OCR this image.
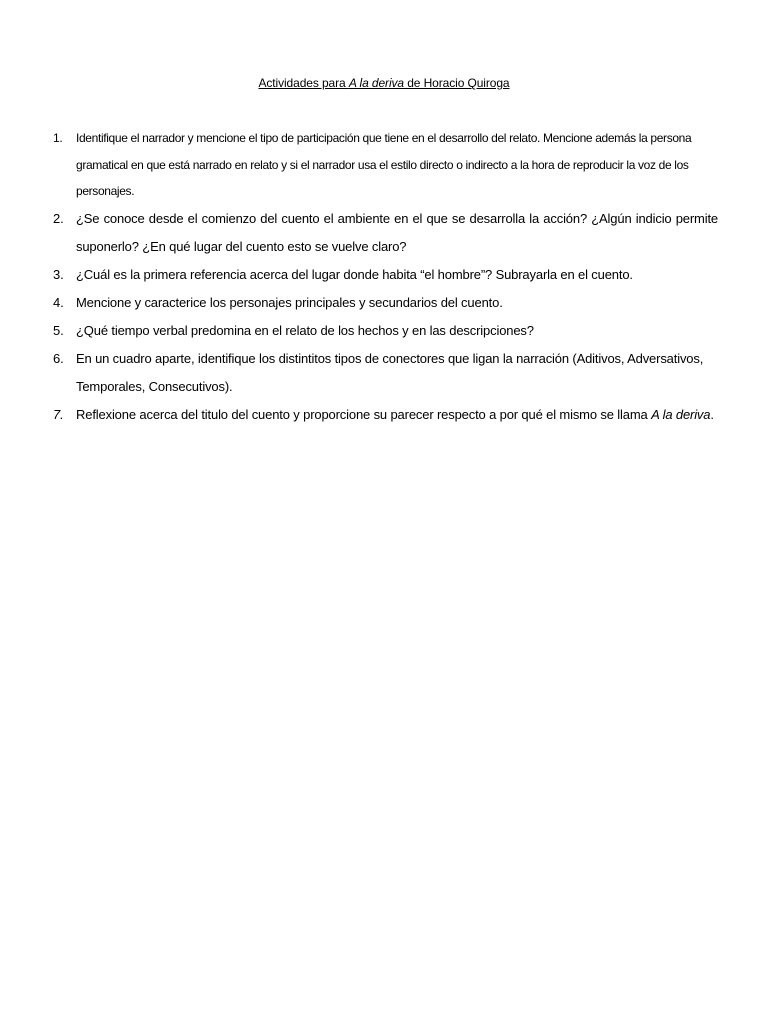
Actividades para A la deriva de Horacio Quiroga
1.	Identifique el narrador y mencione el tipo de participación que tiene en el desarrollo del relato. Mencione además la persona gramatical en que está narrado en relato y si el narrador usa el estilo directo o indirecto a la hora de reproducir la voz de los personajes.
2. ¿Se conoce desde el comienzo del cuento el ambiente en el que se desarrolla la acción? ¿Algún indicio permite suponerlo? ¿En qué lugar del cuento esto se vuelve claro?
3. ¿Cuál es la primera referencia acerca del lugar donde habita “el hombre”? Subrayarla en el cuento.
4. Mencione y caracterice los personajes principales y secundarios del cuento.
5. ¿Qué tiempo verbal predomina en el relato de los hechos y en las descripciones?
6. En un cuadro aparte, identifique los distintitos tipos de conectores que ligan la narración (Aditivos, Adversativos, Temporales, Consecutivos).
7. Reflexione acerca del titulo del cuento y proporcione su parecer respecto a por qué el mismo se llama A la deriva.
